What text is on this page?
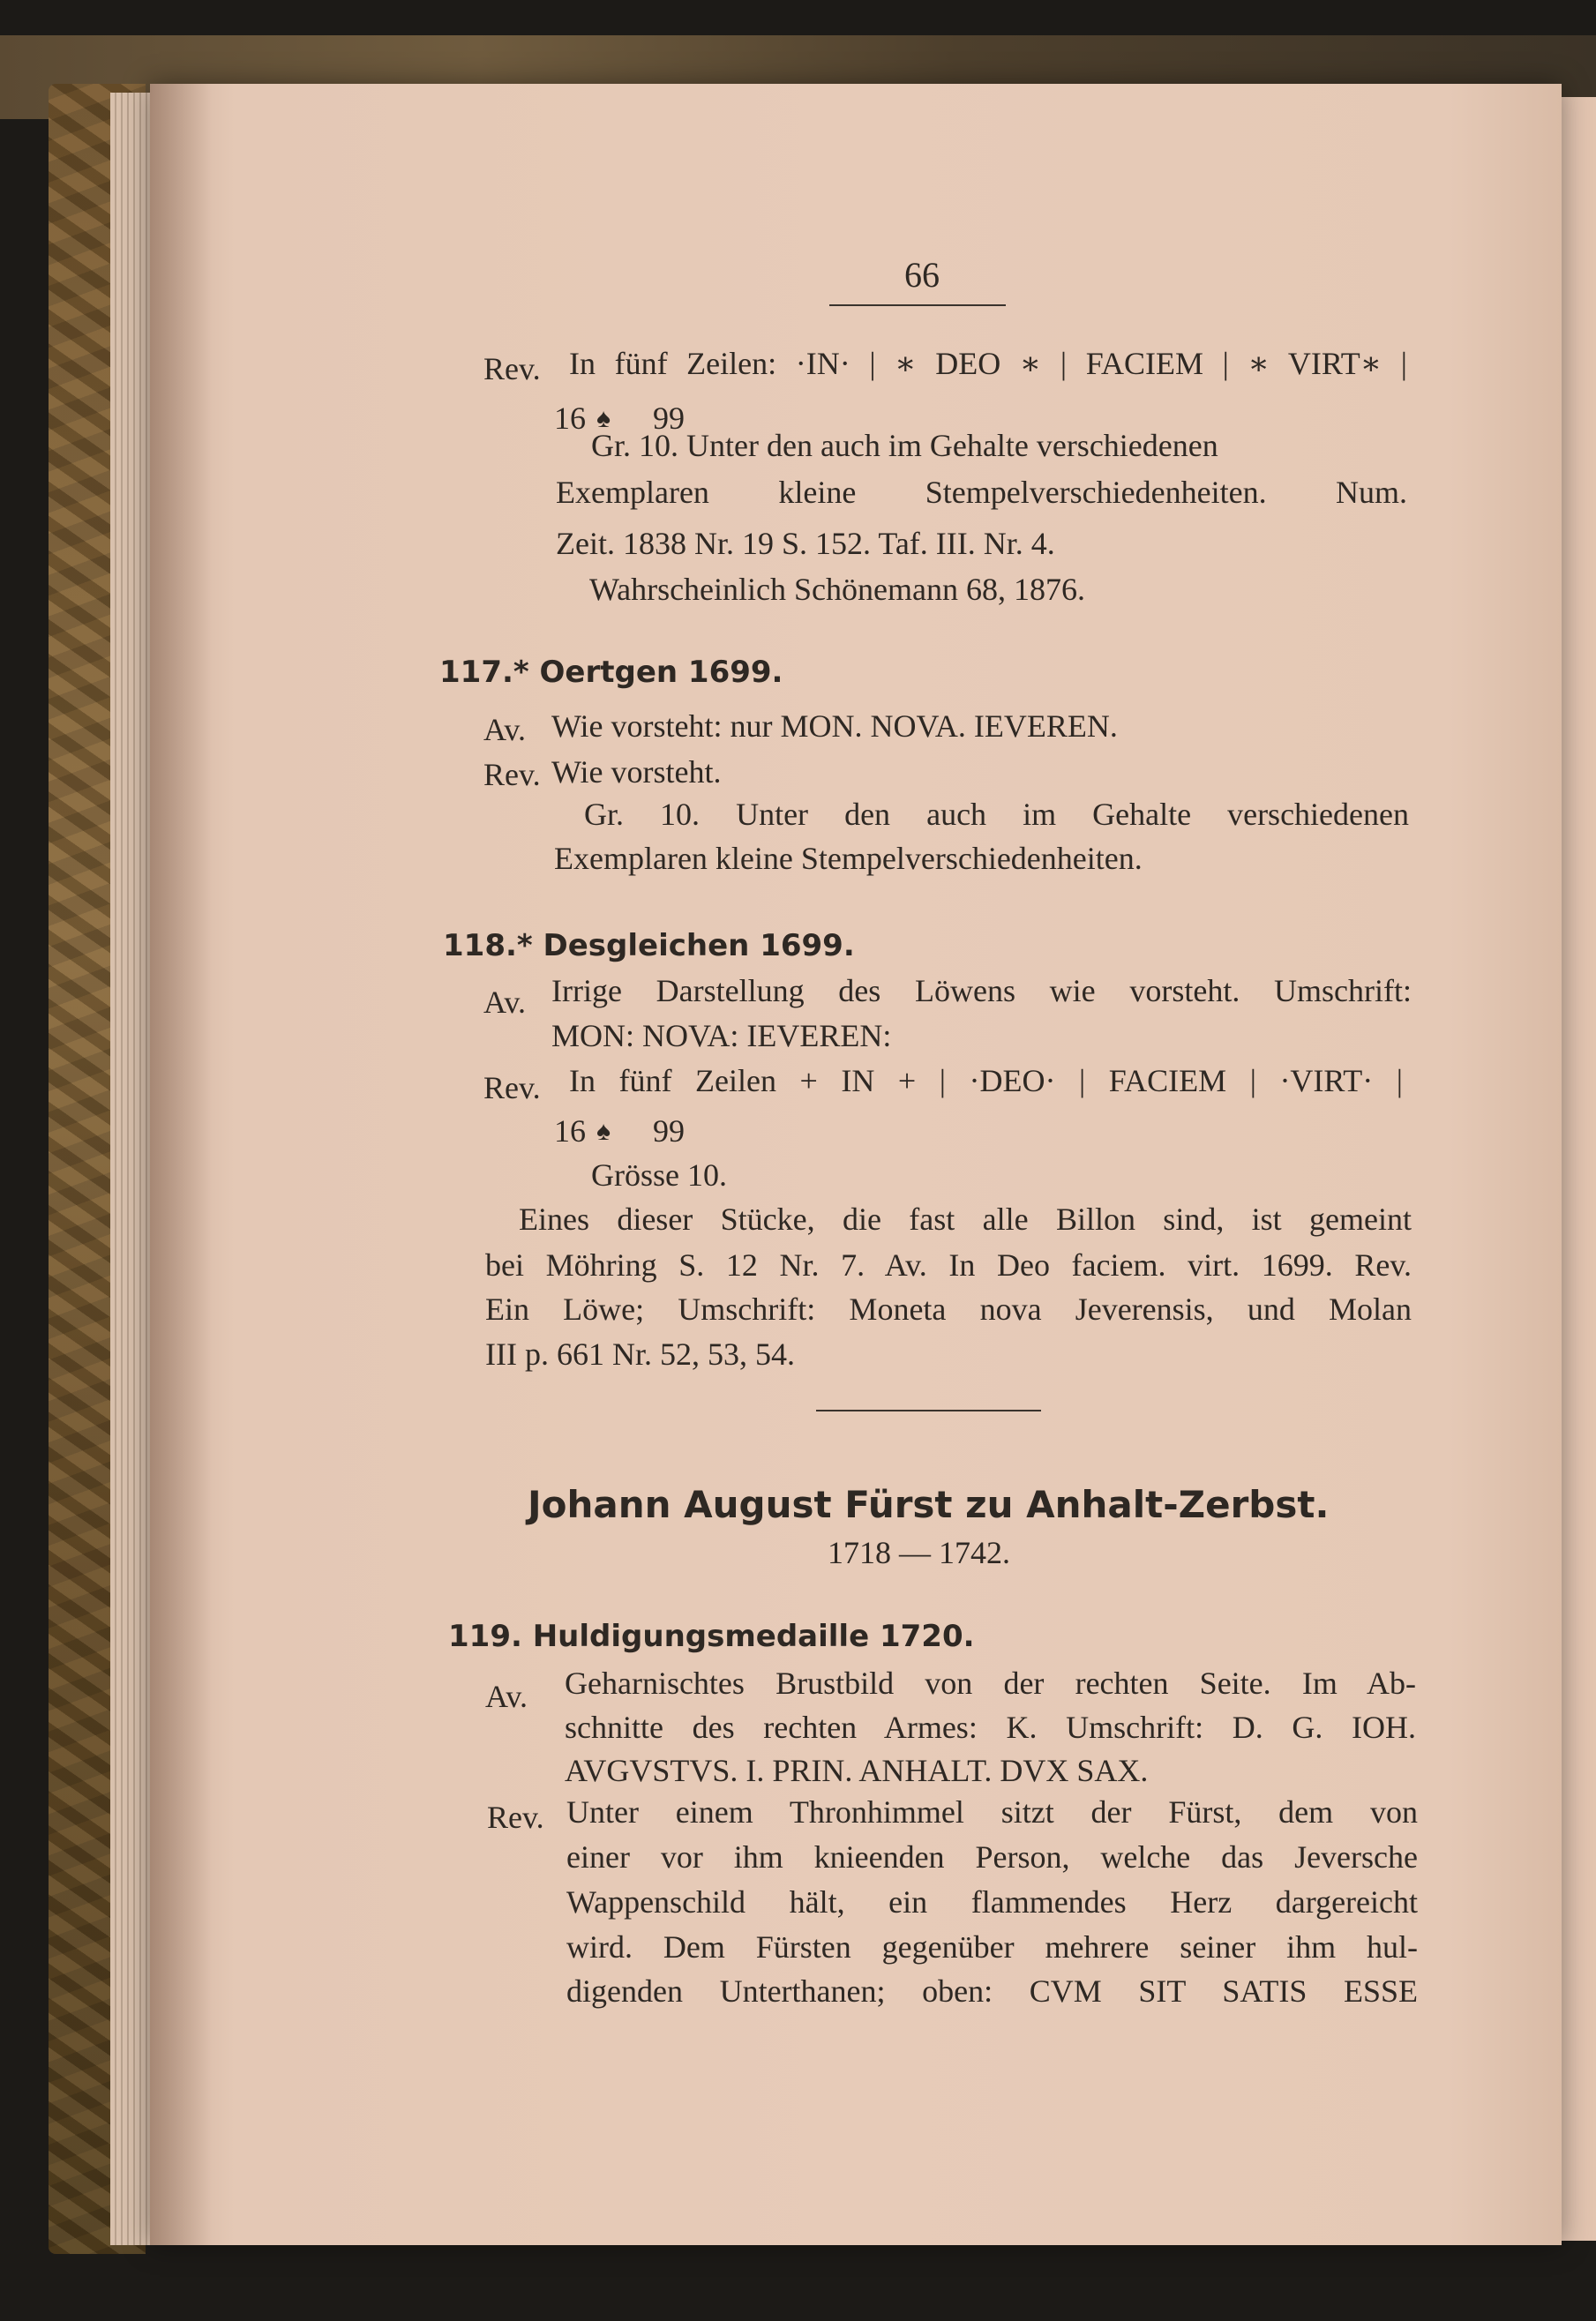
66
Rev. In fünf Zeilen: ·IN· | ∗ DEO ∗ | FACIEM | ∗ VIRT∗ |
16 ♠ 99
Gr. 10. Unter den auch im Gehalte verschiedenen
Exemplaren kleine Stempelverschiedenheiten. Num.
Zeit. 1838 Nr. 19 S. 152. Taf. III. Nr. 4.
Wahrscheinlich Schönemann 68, 1876.
117.* Oertgen 1699.
Av. Wie vorsteht: nur MON. NOVA. IEVEREN.
Rev. Wie vorsteht.
Gr. 10. Unter den auch im Gehalte verschiedenen
Exemplaren kleine Stempelverschiedenheiten.
118.* Desgleichen 1699.
Av. Irrige Darstellung des Löwens wie vorsteht. Umschrift:
MON: NOVA: IEVEREN:
Rev. In fünf Zeilen + IN + | ·DEO· | FACIEM | ·VIRT· |
16 ♠ 99
Grösse 10.
Eines dieser Stücke, die fast alle Billon sind, ist gemeint
bei Möhring S. 12 Nr. 7. Av. In Deo faciem. virt. 1699. Rev.
Ein Löwe; Umschrift: Moneta nova Jeverensis, und Molan
III p. 661 Nr. 52, 53, 54.
Johann August Fürst zu Anhalt-Zerbst.
1718 — 1742.
119. Huldigungsmedaille 1720.
Av. Geharnischtes Brustbild von der rechten Seite. Im Ab-
schnitte des rechten Armes: K. Umschrift: D. G. IOH.
AVGVSTVS. I. PRIN. ANHALT. DVX SAX.
Rev. Unter einem Thronhimmel sitzt der Fürst, dem von
einer vor ihm knieenden Person, welche das Jeversche
Wappenschild hält, ein flammendes Herz dargereicht
wird. Dem Fürsten gegenüber mehrere seiner ihm hul-
digenden Unterthanen; oben: CVM SIT SATIS ESSE
